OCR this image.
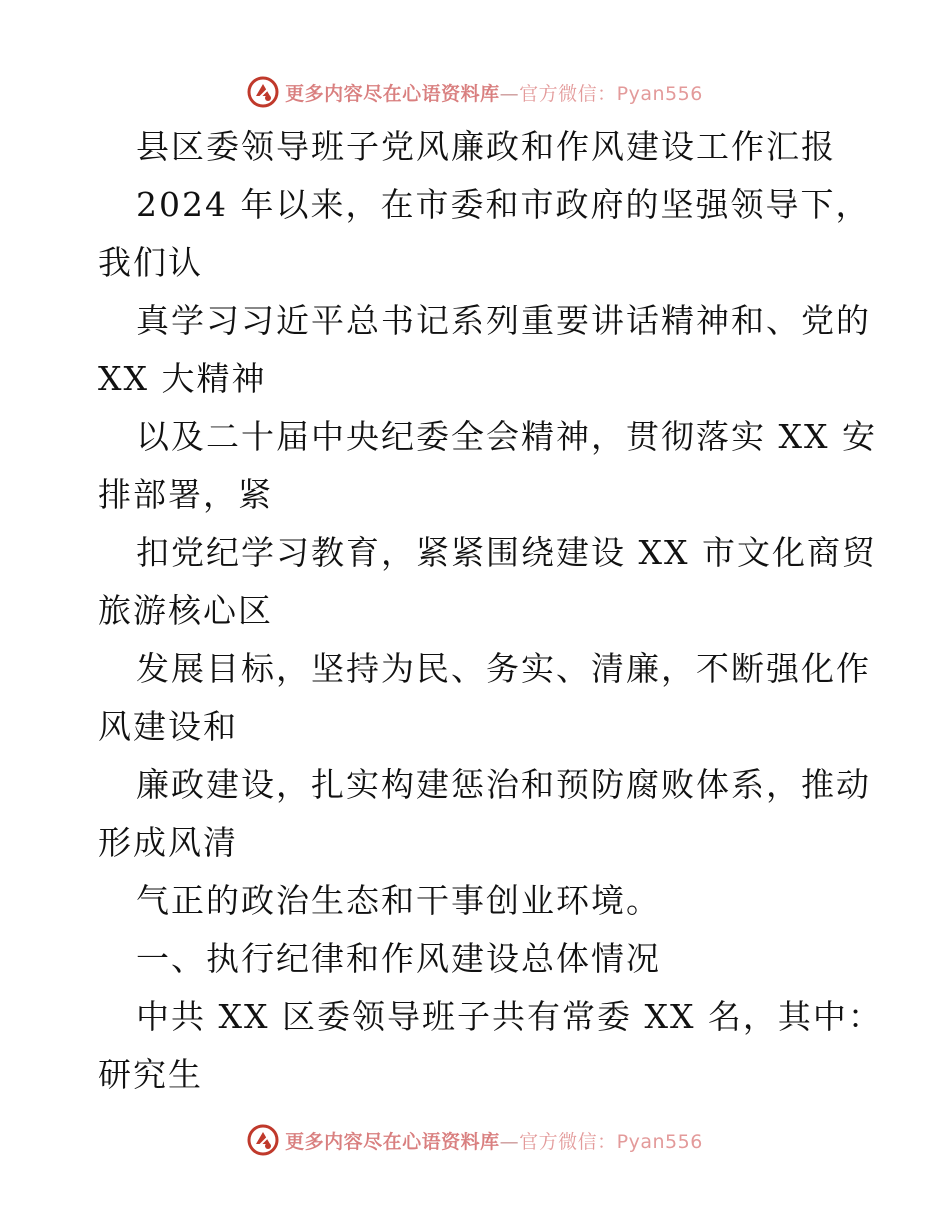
更多内容尽在心语资料库—官方微信：Pyan556
县区委领导班子党风廉政和作风建设工作汇报
2024 年以来，在市委和市政府的坚强领导下，
我们认
真学习习近平总书记系列重要讲话精神和、党的
XX 大精神
以及二十届中央纪委全会精神，贯彻落实 XX 安
排部署，紧
扣党纪学习教育，紧紧围绕建设 XX 市文化商贸
旅游核心区
发展目标，坚持为民、务实、清廉，不断强化作
风建设和
廉政建设，扎实构建惩治和预防腐败体系，推动
形成风清
气正的政治生态和干事创业环境。
一、执行纪律和作风建设总体情况
中共 XX 区委领导班子共有常委 XX 名，其中：
研究生
更多内容尽在心语资料库—官方微信：Pyan556
